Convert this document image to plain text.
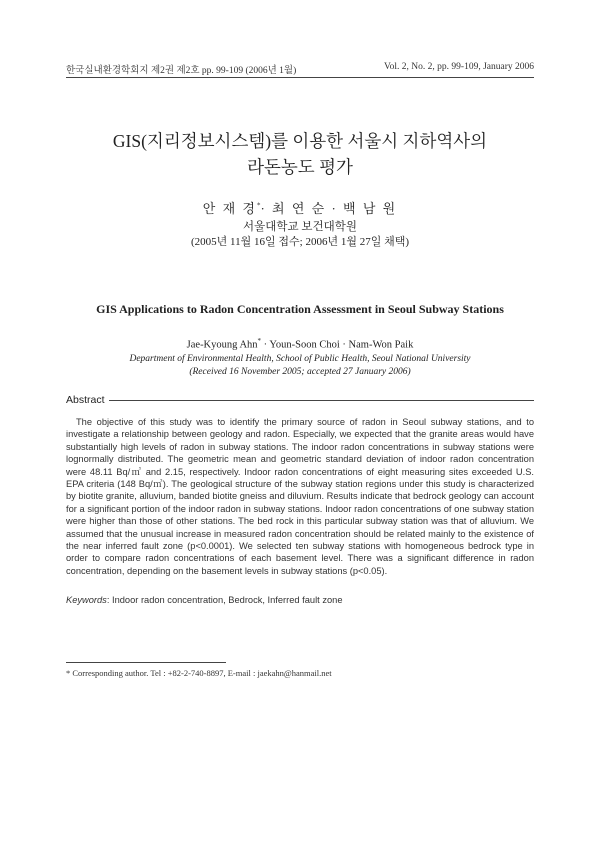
한국실내환경학회지 제2권 제2호 pp. 99-109 (2006년 1월)	Vol. 2, No. 2, pp. 99-109, January 2006
GIS(지리정보시스템)를 이용한 서울시 지하역사의
라돈농도 평가
안 재 경*· 최 연 순 · 백 남 원
서울대학교 보건대학원
(2005년 11월 16일 접수; 2006년 1월 27일 채택)
GIS Applications to Radon Concentration Assessment in Seoul Subway Stations
Jae-Kyoung Ahn* · Youn-Soon Choi · Nam-Won Paik
Department of Environmental Health, School of Public Health, Seoul National University
(Received 16 November 2005; accepted 27 January 2006)
Abstract

The objective of this study was to identify the primary source of radon in Seoul subway stations, and to investigate a relationship between geology and radon. Especially, we expected that the granite areas would have substantially high levels of radon in subway stations. The indoor radon concentrations in subway stations were lognormally distributed. The geometric mean and geometric standard deviation of indoor radon concentration were 48.11 Bq/㎥ and 2.15, respectively. Indoor radon concentrations of eight measuring sites exceeded U.S. EPA criteria (148 Bq/㎥). The geological structure of the subway station regions under this study is characterized by biotite granite, alluvium, banded biotite gneiss and diluvium. Results indicate that bedrock geology can account for a significant portion of the indoor radon in subway stations. Indoor radon concentrations of one subway station were higher than those of other stations. The bed rock in this particular subway station was that of alluvium. We assumed that the unusual increase in measured radon concentration should be related mainly to the existence of the near inferred fault zone (p<0.0001). We selected ten subway stations with homogeneous bedrock type in order to compare radon concentrations of each basement level. There was a significant difference in radon concentration, depending on the basement levels in subway stations (p<0.05).

Keywords: Indoor radon concentration, Bedrock, Inferred fault zone
* Corresponding author. Tel : +82-2-740-8897, E-mail : jaekahn@hanmail.net
